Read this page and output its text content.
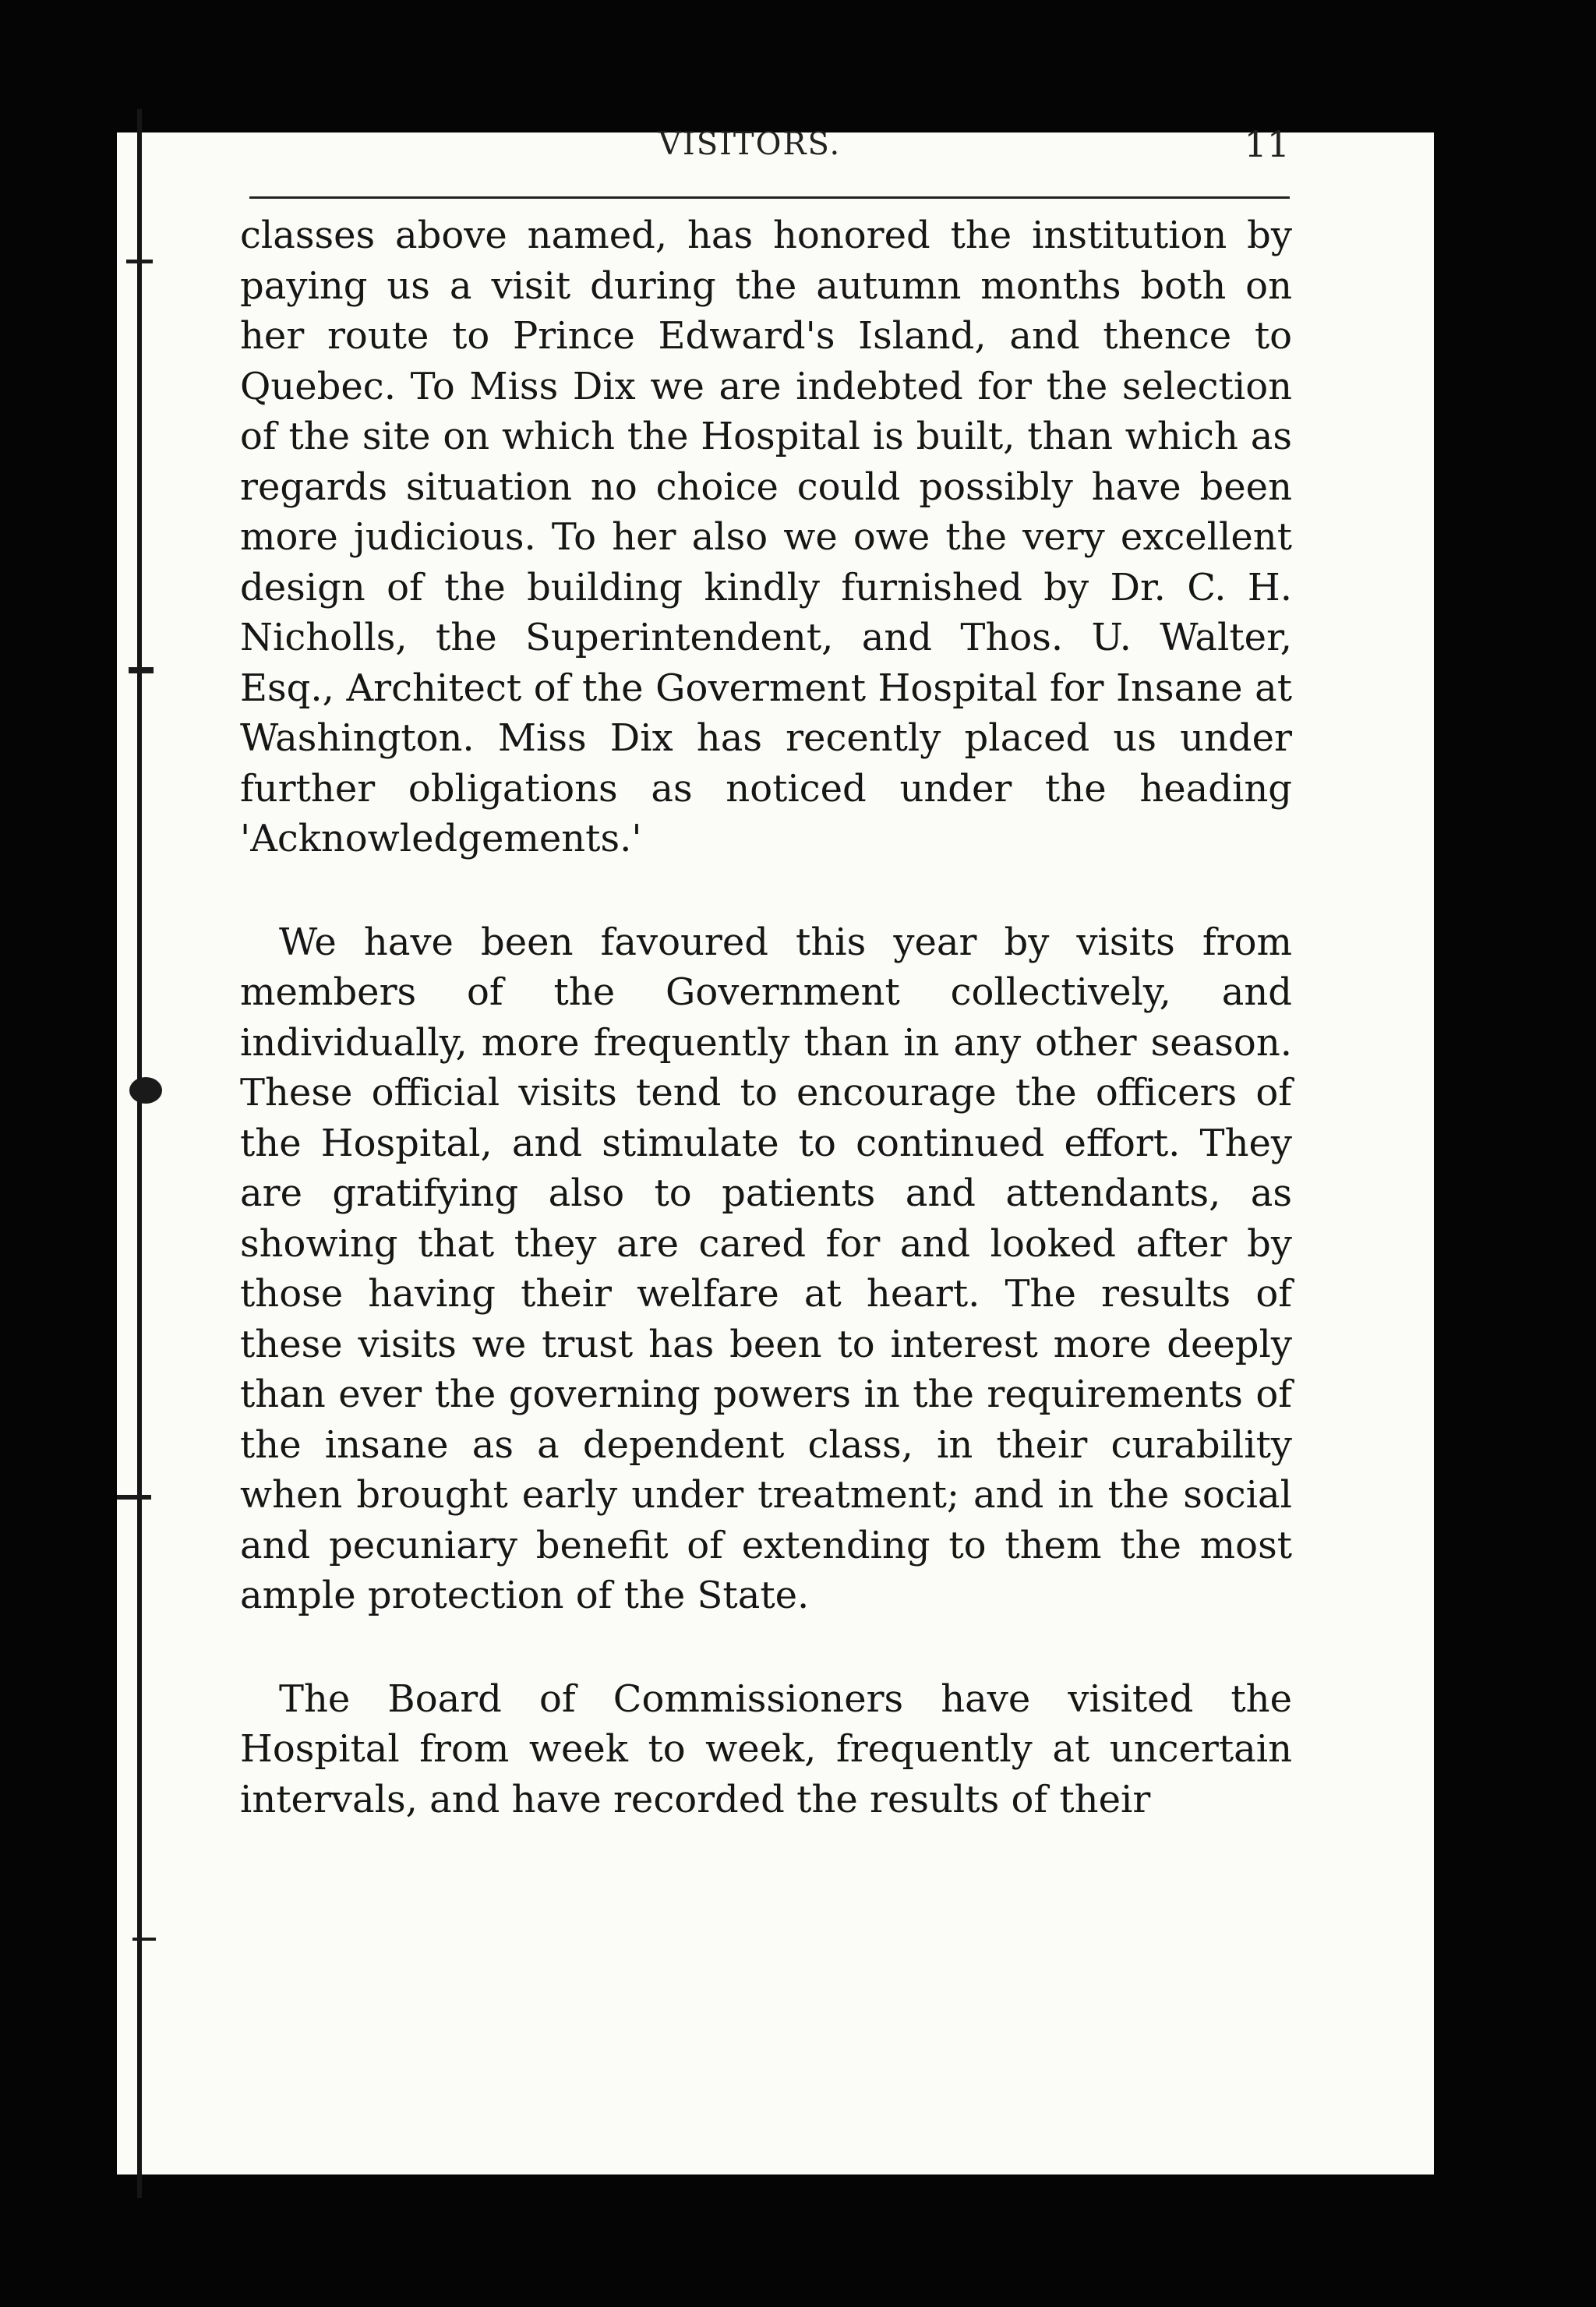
VISITORS.	11

classes above named, has honored the institution by paying us a visit during the autumn months both on her route to Prince Edward's Island, and thence to Quebec. To Miss Dix we are indebted for the selection of the site on which the Hospital is built, than which as regards situation no choice could possibly have been more judicious. To her also we owe the very excellent design of the building kindly furnished by Dr. C. H. Nicholls, the Superintendent, and Thos. U. Walter, Esq., Architect of the Goverment Hospital for Insane at Washington. Miss Dix has recently placed us under further obligations as noticed under the heading 'Acknowledgements.'

We have been favoured this year by visits from members of the Government collectively, and individually, more frequently than in any other season. These official visits tend to encourage the officers of the Hospital, and stimulate to continued effort. They are gratifying also to patients and attendants, as showing that they are cared for and looked after by those having their welfare at heart. The results of these visits we trust has been to interest more deeply than ever the governing powers in the requirements of the insane as a dependent class, in their curability when brought early under treatment; and in the social and pecuniary benefit of extending to them the most ample protection of the State.

The Board of Commissioners have visited the Hospital from week to week, frequently at uncertain intervals, and have recorded the results of their
